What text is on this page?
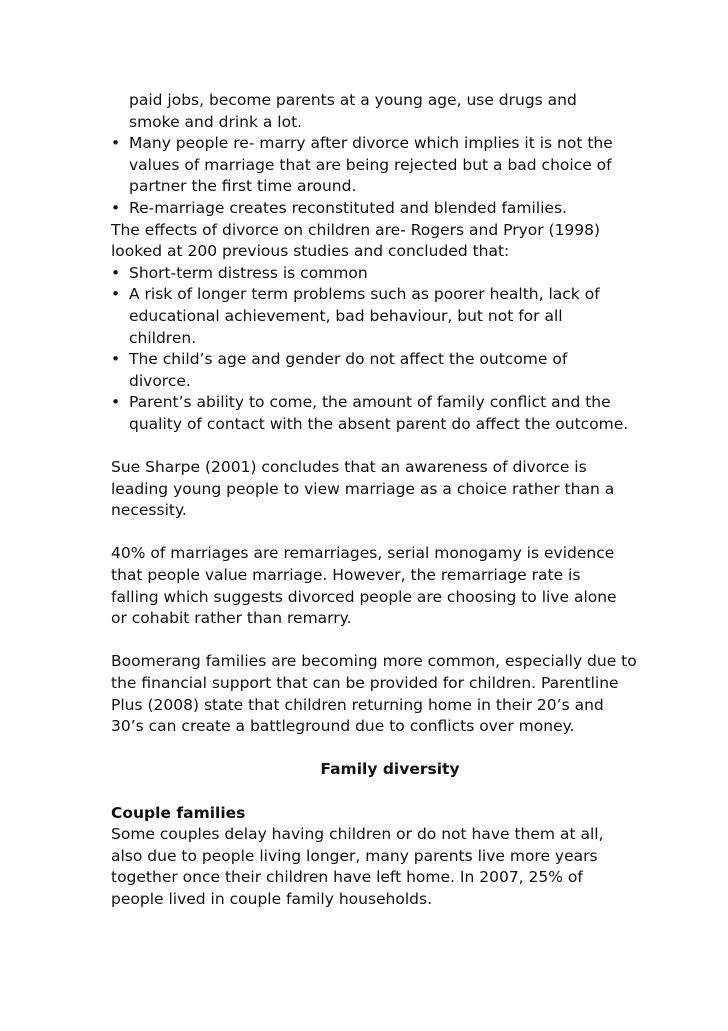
paid jobs, become parents at a young age, use drugs and
smoke and drink a lot.
• Many people re- marry after divorce which implies it is not the
values of marriage that are being rejected but a bad choice of
partner the first time around.
• Re-marriage creates reconstituted and blended families.
The effects of divorce on children are- Rogers and Pryor (1998)
looked at 200 previous studies and concluded that:
• Short-term distress is common
• A risk of longer term problems such as poorer health, lack of
educational achievement, bad behaviour, but not for all
children.
• The child’s age and gender do not affect the outcome of
divorce.
• Parent’s ability to come, the amount of family conflict and the
quality of contact with the absent parent do affect the outcome.
Sue Sharpe (2001) concludes that an awareness of divorce is
leading young people to view marriage as a choice rather than a
necessity.
40% of marriages are remarriages, serial monogamy is evidence
that people value marriage. However, the remarriage rate is
falling which suggests divorced people are choosing to live alone
or cohabit rather than remarry.
Boomerang families are becoming more common, especially due to
the financial support that can be provided for children. Parentline
Plus (2008) state that children returning home in their 20’s and
30’s can create a battleground due to conflicts over money.
Family diversity
Couple families
Some couples delay having children or do not have them at all,
also due to people living longer, many parents live more years
together once their children have left home. In 2007, 25% of
people lived in couple family households.
